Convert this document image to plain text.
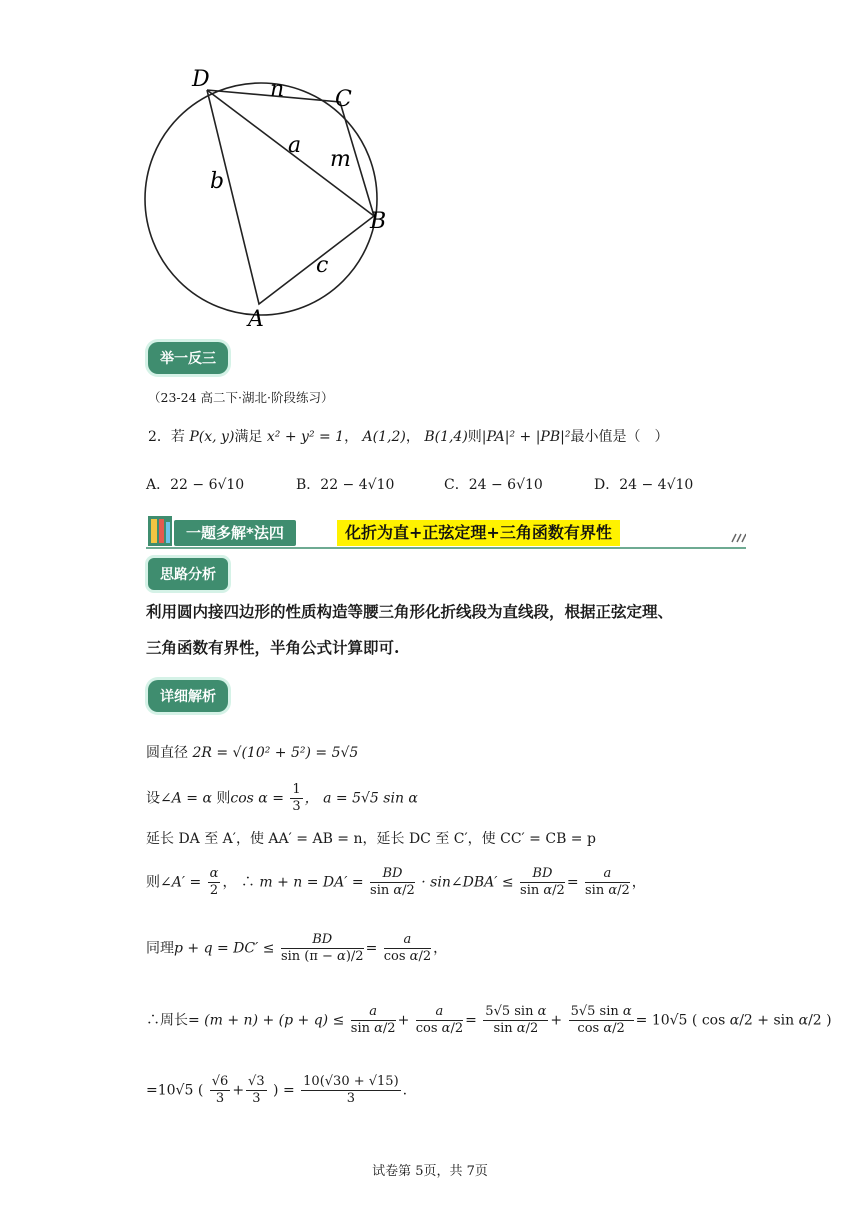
D
C
B
A
n
a
m
b
c
举一反三
（23-24 高二下·湖北·阶段练习）
2．若 P(x, y)满足 x² + y² = 1， A(1,2)， B(1,4)则|PA|² + |PB|²最小值是（　）
A．22 − 6√10	B．22 − 4√10	C．24 − 6√10	D．24 − 4√10
一题多解*法四	化折为直+正弦定理+三角函数有界性
思路分析
利用圆内接四边形的性质构造等腰三角形化折线段为直线段，根据正弦定理、
三角函数有界性，半角公式计算即可.
详细解析
圆直径 2R = √(10² + 5²) = 5√5
设∠A = α 则$\cos \alpha = \frac{1}{3}$ ， a = 5√5 sin α
延长 DA 至 A′，使 AA′ = AB = n，延长 DC 至 C′，使 CC′ = CB = p
则∠A′ = $\frac{\alpha}{2}$ ， ∴ $m + n = DA' = \frac{BD}{\text{sin α/2}}$ · sin∠DBA′ ≤ $\frac{BD}{\text{sin α/2}} = \frac{a}{\text{sin α/2}}$ ，
同理$p + q = DC' \le \frac{BD}{\sin (\pi - \alpha)/2} = \frac{a}{\text{cos α/2}}$ ，
∴周长= $(m + n) + (p + q) \le \frac{a}{\text{sin α/2}} + \frac{a}{\text{cos α/2}} = \frac{\text{5√5 sin α}}{\text{sin α/2}} + \frac{\text{5√5 sin α}}{\text{cos α/2}} = 10√5$ ( cos α/2 + sin α/2 )
=10√5 ( $\frac{√6}{3} + \frac{√3}{3}$ ) = $\frac{10(√30 + √15)}{3}$ .
试卷第 5页，共 7页
